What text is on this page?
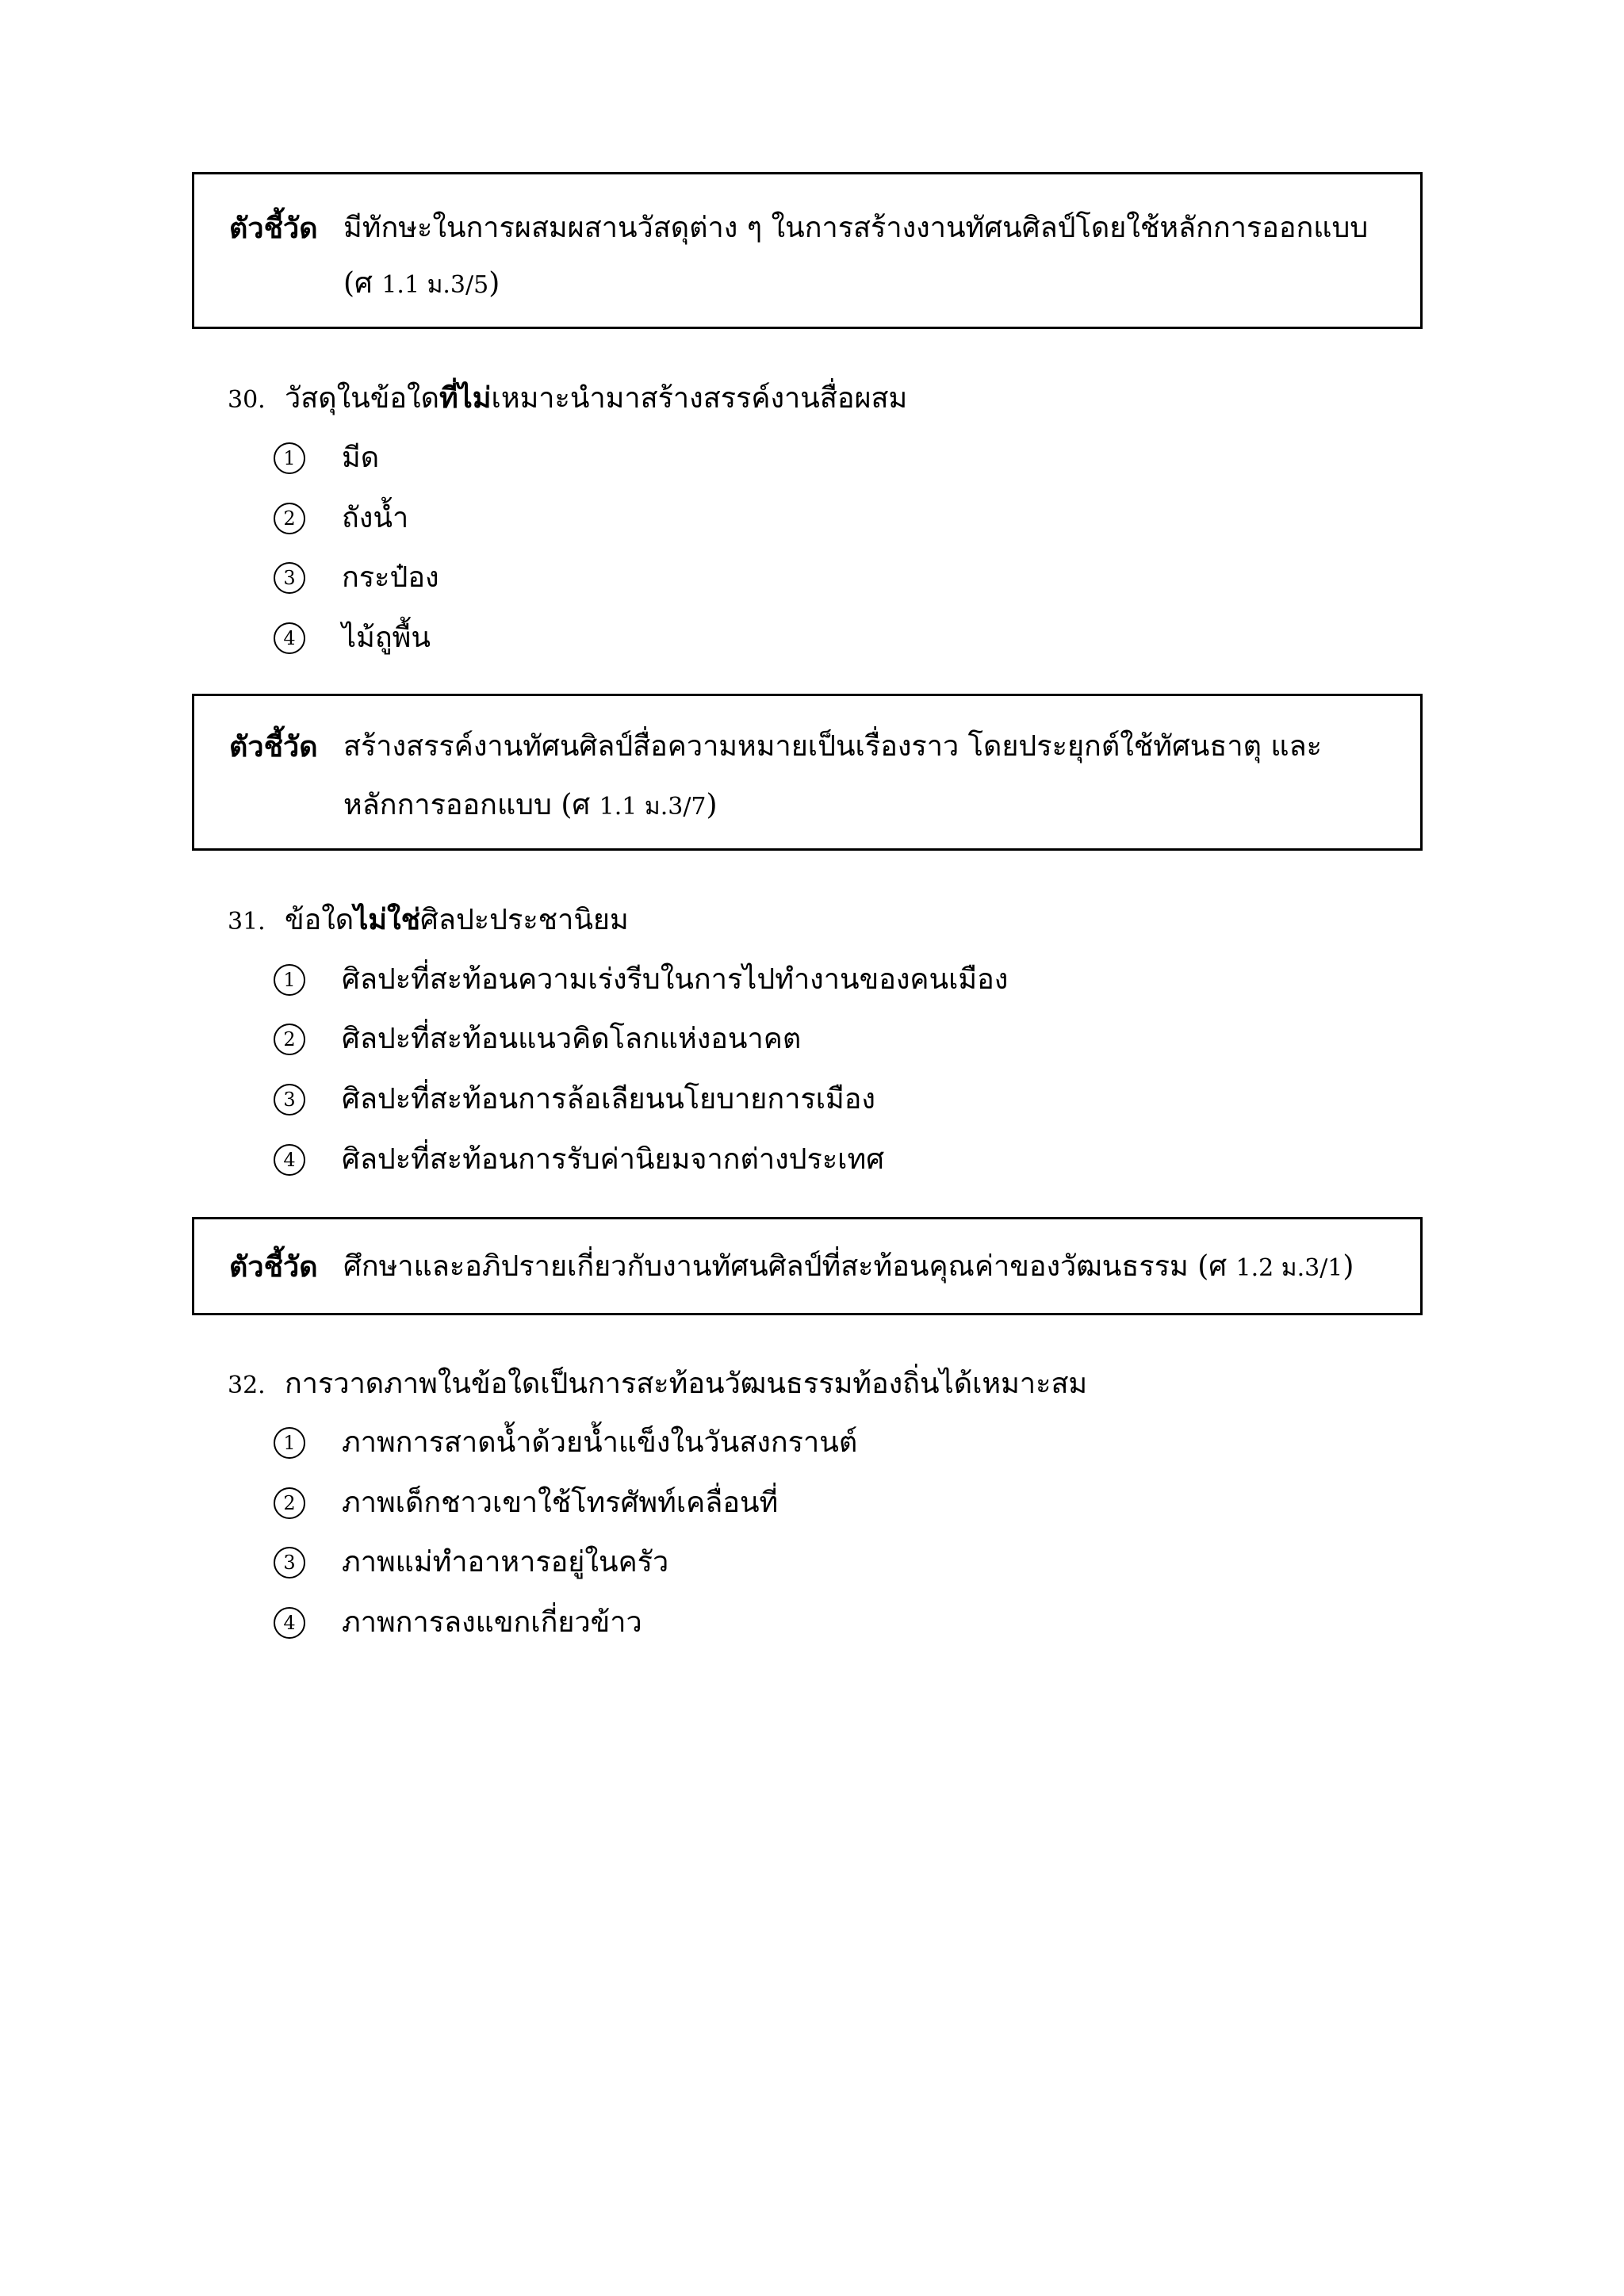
ตัวชี้วัด มีทักษะในการผสมผสานวัสดุต่าง ๆ ในการสร้างงานทัศนศิลป์โดยใช้หลักการออกแบบ
(ศ 1.1 ม.3/5)
30. วัสดุในข้อใดที่ไม่เหมาะนำมาสร้างสรรค์งานสื่อผสม
1	มีด
2	ถังน้ำ
3	กระป๋อง
4	ไม้ถูพื้น
ตัวชี้วัด สร้างสรรค์งานทัศนศิลป์สื่อความหมายเป็นเรื่องราว โดยประยุกต์ใช้ทัศนธาตุ และ
หลักการออกแบบ (ศ 1.1 ม.3/7)
31. ข้อใดไม่ใช่ศิลปะประชานิยม
1	ศิลปะที่สะท้อนความเร่งรีบในการไปทำงานของคนเมือง
2	ศิลปะที่สะท้อนแนวคิดโลกแห่งอนาคต
3	ศิลปะที่สะท้อนการล้อเลียนนโยบายการเมือง
4	ศิลปะที่สะท้อนการรับค่านิยมจากต่างประเทศ
ตัวชี้วัด ศึกษาและอภิปรายเกี่ยวกับงานทัศนศิลป์ที่สะท้อนคุณค่าของวัฒนธรรม (ศ 1.2 ม.3/1)
32. การวาดภาพในข้อใดเป็นการสะท้อนวัฒนธรรมท้องถิ่นได้เหมาะสม
1	ภาพการสาดน้ำด้วยน้ำแข็งในวันสงกรานต์
2	ภาพเด็กชาวเขาใช้โทรศัพท์เคลื่อนที่
3	ภาพแม่ทำอาหารอยู่ในครัว
4	ภาพการลงแขกเกี่ยวข้าว
